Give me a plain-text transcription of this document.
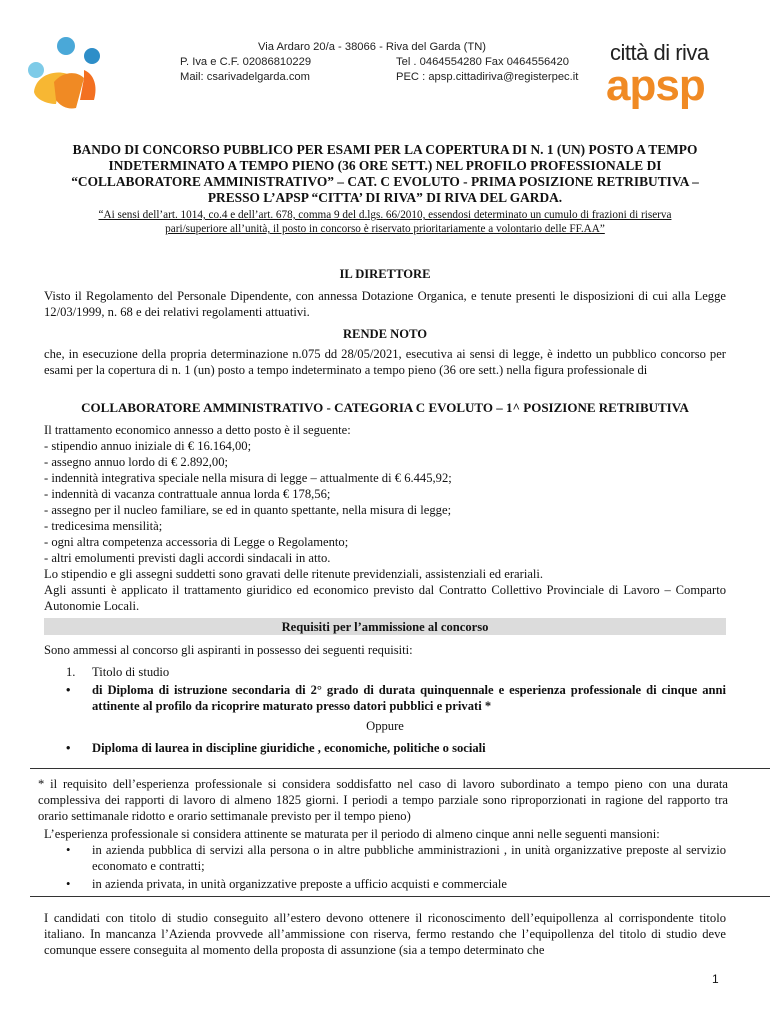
Via Ardaro 20/a - 38066 - Riva del Garda (TN)
P. Iva e C.F. 02086810229	Tel . 0464554280 Fax 0464556420
Mail: csarivadelgarda.com	PEC : apsp.cittadiriva@registerpec.it
città di riva
apsp
BANDO DI CONCORSO PUBBLICO PER ESAMI PER LA COPERTURA DI N. 1 (UN) POSTO A TEMPO
INDETERMINATO A TEMPO PIENO (36 ORE SETT.) NEL PROFILO PROFESSIONALE DI
“COLLABORATORE AMMINISTRATIVO” – CAT. C EVOLUTO - PRIMA POSIZIONE RETRIBUTIVA –
PRESSO L’APSP “CITTA’ DI RIVA” DI RIVA DEL GARDA.
“Ai sensi dell’art. 1014, co.4 e dell’art. 678, comma 9 del d.lgs. 66/2010, essendosi determinato un cumulo di frazioni di riserva
pari/superiore all’unità, il posto in concorso è riservato prioritariamente a volontario delle FF.AA”
IL DIRETTORE
Visto il Regolamento del Personale Dipendente, con annessa Dotazione Organica, e tenute presenti le disposizioni di cui alla Legge 12/03/1999, n. 68 e dei relativi regolamenti attuativi.
RENDE NOTO
che, in esecuzione della propria determinazione n.075 dd 28/05/2021, esecutiva ai sensi di legge, è indetto un pubblico concorso per esami per la copertura di n. 1 (un) posto a tempo indeterminato a tempo pieno (36 ore sett.) nella figura professionale di
COLLABORATORE AMMINISTRATIVO - CATEGORIA C EVOLUTO – 1^ POSIZIONE RETRIBUTIVA
Il trattamento economico annesso a detto posto è il seguente:
- stipendio annuo iniziale di € 16.164,00;
- assegno annuo lordo di € 2.892,00;
- indennità integrativa speciale nella misura di legge – attualmente di € 6.445,92;
- indennità di vacanza contrattuale annua lorda € 178,56;
- assegno per il nucleo familiare, se ed in quanto spettante, nella misura di legge;
- tredicesima mensilità;
- ogni altra competenza accessoria di Legge o Regolamento;
- altri emolumenti previsti dagli accordi sindacali in atto.
Lo stipendio e gli assegni suddetti sono gravati delle ritenute previdenziali, assistenziali ed erariali.
Agli assunti è applicato il trattamento giuridico ed economico previsto dal Contratto Collettivo Provinciale di Lavoro – Comparto Autonomie Locali.
Requisiti per l’ammissione al concorso
Sono ammessi al concorso gli aspiranti in possesso dei seguenti requisiti:
1. Titolo di studio
• di Diploma di istruzione secondaria di 2° grado di durata quinquennale e esperienza professionale di cinque anni attinente al profilo da ricoprire maturato presso datori pubblici e privati *
Oppure
• Diploma di laurea in discipline giuridiche , economiche, politiche o sociali
* il requisito dell’esperienza professionale si considera soddisfatto nel caso di lavoro subordinato a tempo pieno con una durata complessiva dei rapporti di lavoro di almeno 1825 giorni. I periodi a tempo parziale sono riproporzionati in ragione del rapporto tra orario settimanale ridotto e orario settimanale previsto per il tempo pieno)
L’esperienza professionale si considera attinente se maturata per il periodo di almeno cinque anni nelle seguenti mansioni:
• in azienda pubblica di servizi alla persona o in altre pubbliche amministrazioni , in unità organizzative preposte al servizio economato e contratti;
• in azienda privata, in unità organizzative preposte a ufficio acquisti e commerciale
I candidati con titolo di studio conseguito all’estero devono ottenere il riconoscimento dell’equipollenza al corrispondente titolo italiano. In mancanza l’Azienda provvede all’ammissione con riserva, fermo restando che l’equipollenza del titolo di studio deve comunque essere conseguita al momento della proposta di assunzione (sia a tempo determinato che
1
